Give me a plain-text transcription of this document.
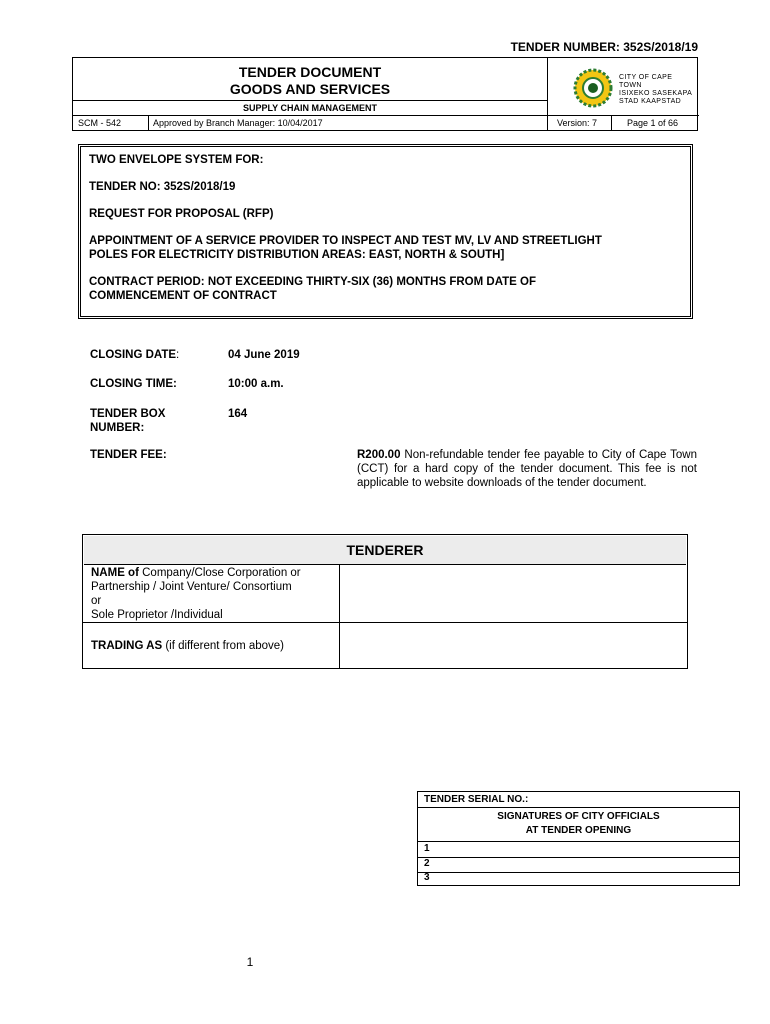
TENDER NUMBER: 352S/2018/19
TENDER DOCUMENT
GOODS AND SERVICES
SUPPLY CHAIN MANAGEMENT
SCM - 542	Approved by Branch Manager: 10/04/2017	Version: 7	Page 1 of 66
CITY OF CAPE TOWN
ISIXEKO SASEKAPA
STAD KAAPSTAD

TWO ENVELOPE SYSTEM FOR:

TENDER NO: 352S/2018/19

REQUEST FOR PROPOSAL (RFP)

APPOINTMENT OF A SERVICE PROVIDER TO INSPECT AND TEST MV, LV AND STREETLIGHT

POLES FOR ELECTRICITY DISTRIBUTION AREAS: EAST, NORTH & SOUTH]

CONTRACT PERIOD: NOT EXCEEDING THIRTY-SIX (36) MONTHS FROM DATE OF

COMMENCEMENT OF CONTRACT

CLOSING DATE:	04 June 2019
CLOSING TIME:	10:00 a.m.
TENDER BOX
NUMBER:
164
TENDER FEE:	R200.00 Non-refundable tender fee payable to City of Cape Town (CCT) for a hard copy of the tender document. This fee is not applicable to website downloads of the tender document.
TENDERER
NAME of Company/Close Corporation or
Partnership / Joint Venture/ Consortium
or
Sole Proprietor /Individual
TRADING AS (if different from above)
TENDER SERIAL NO.:
SIGNATURES OF CITY OFFICIALS
AT TENDER OPENING
1
2
3
1
